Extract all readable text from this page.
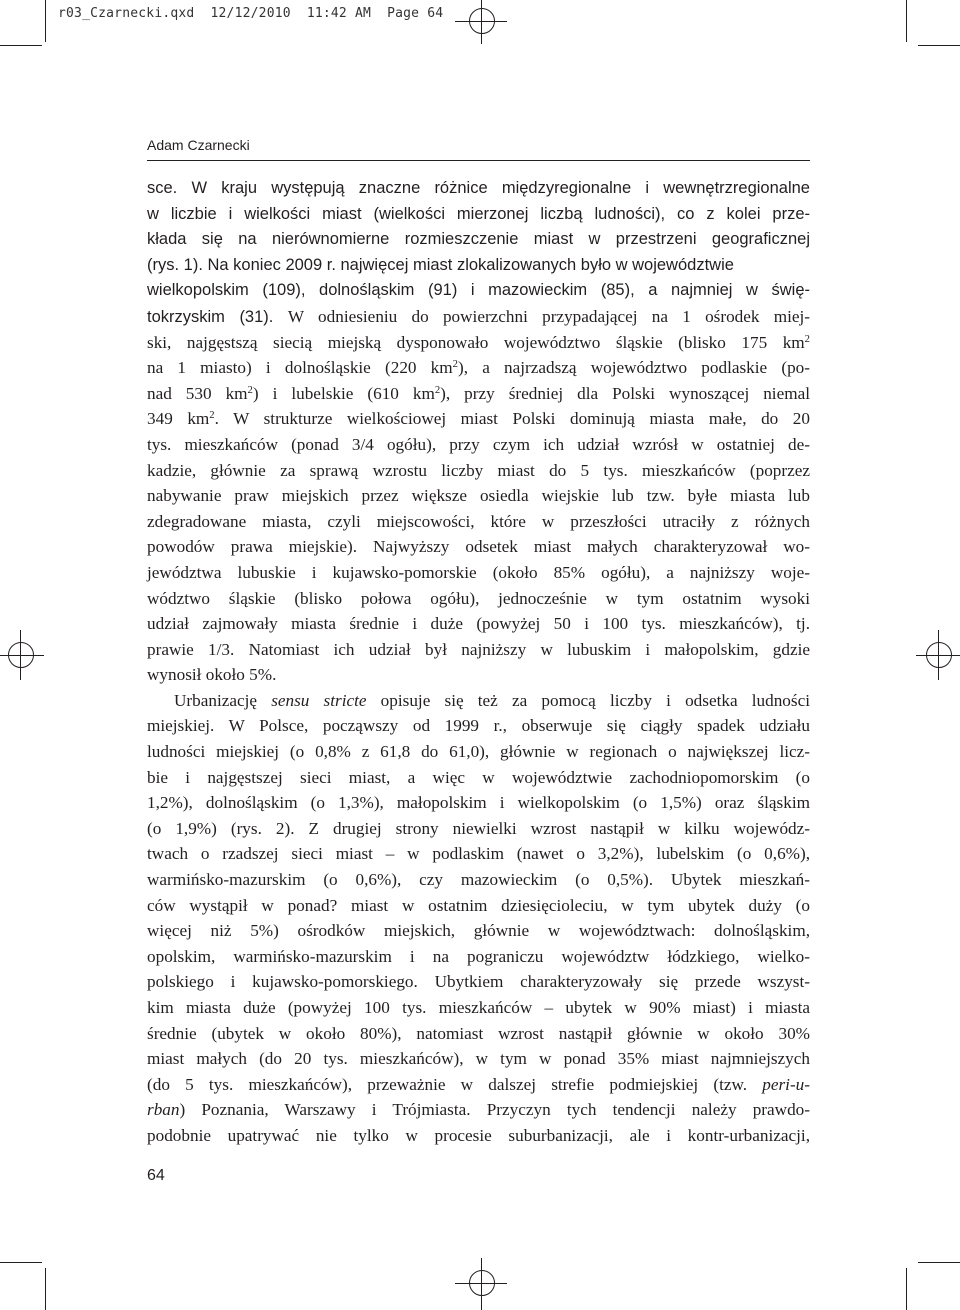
r03_Czarnecki.qxd  12/12/2010  11:42 AM  Page 64
Adam Czarnecki
sce. W kraju występują znaczne różnice międzyregionalne i wewnętrzregionalne
w liczbie i wielkości miast (wielkości mierzonej liczbą ludności), co z kolei prze-
kłada się na nierównomierne rozmieszczenie miast w przestrzeni geograficznej
(rys. 1). Na koniec 2009 r. najwięcej miast zlokalizowanych było w województwie
wielkopolskim (109), dolnośląskim (91) i mazowieckim (85), a najmniej w świę-
tokrzyskim (31). W odniesieniu do powierzchni przypadającej na 1 ośrodek miej-
ski, najgęstszą siecią miejską dysponowało województwo śląskie (blisko 175 $km^2$
na 1 miasto) i dolnośląskie (220 $km^2$), a najrzadszą województwo podlaskie (po-
nad 530 $km^2$) i lubelskie (610 $km^2$), przy średniej dla Polski wynoszącej niemal
349 $km^2$. W strukturze wielkościowej miast Polski dominują miasta małe, do 20
tys. mieszkańców (ponad 3/4 ogółu), przy czym ich udział wzrósł w ostatniej de-
kadzie, głównie za sprawą wzrostu liczby miast do 5 tys. mieszkańców (poprzez
nabywanie praw miejskich przez większe osiedla wiejskie lub tzw. byłe miasta lub
zdegradowane miasta, czyli miejscowości, które w przeszłości utraciły z różnych
powodów prawa miejskie). Najwyższy odsetek miast małych charakteryzował wo-
jewództwa lubuskie i kujawsko-pomorskie (około 85% ogółu), a najniższy woje-
wództwo śląskie (blisko połowa ogółu), jednocześnie w tym ostatnim wysoki
udział zajmowały miasta średnie i duże (powyżej 50 i 100 tys. mieszkańców), tj.
prawie 1/3. Natomiast ich udział był najniższy w lubuskim i małopolskim, gdzie
wynosił około 5%.
Urbanizację sensu stricte opisuje się też za pomocą liczby i odsetka ludności
miejskiej. W Polsce, począwszy od 1999 r., obserwuje się ciągły spadek udziału
ludności miejskiej (o 0,8% z 61,8 do 61,0), głównie w regionach o największej licz-
bie i najgęstszej sieci miast, a więc w województwie zachodniopomorskim (o
1,2%), dolnośląskim (o 1,3%), małopolskim i wielkopolskim (o 1,5%) oraz śląskim
(o 1,9%) (rys. 2). Z drugiej strony niewielki wzrost nastąpił w kilku wojewódz-
twach o rzadszej sieci miast – w podlaskim (nawet o 3,2%), lubelskim (o 0,6%),
warmińsko-mazurskim (o 0,6%), czy mazowieckim (o 0,5%). Ubytek mieszkań-
ców wystąpił w ponad? miast w ostatnim dziesięcioleciu, w tym ubytek duży (o
więcej niż 5%) ośrodków miejskich, głównie w województwach: dolnośląskim,
opolskim, warmińsko-mazurskim i na pograniczu województw łódzkiego, wielko-
polskiego i kujawsko-pomorskiego. Ubytkiem charakteryzowały się przede wszyst-
kim miasta duże (powyżej 100 tys. mieszkańców – ubytek w 90% miast) i miasta
średnie (ubytek w około 80%), natomiast wzrost nastąpił głównie w około 30%
miast małych (do 20 tys. mieszkańców), w tym w ponad 35% miast najmniejszych
(do 5 tys. mieszkańców), przeważnie w dalszej strefie podmiejskiej (tzw. peri-u-
rban) Poznania, Warszawy i Trójmiasta. Przyczyn tych tendencji należy prawdo-
podobnie upatrywać nie tylko w procesie suburbanizacji, ale i kontr-urbanizacji,
64
